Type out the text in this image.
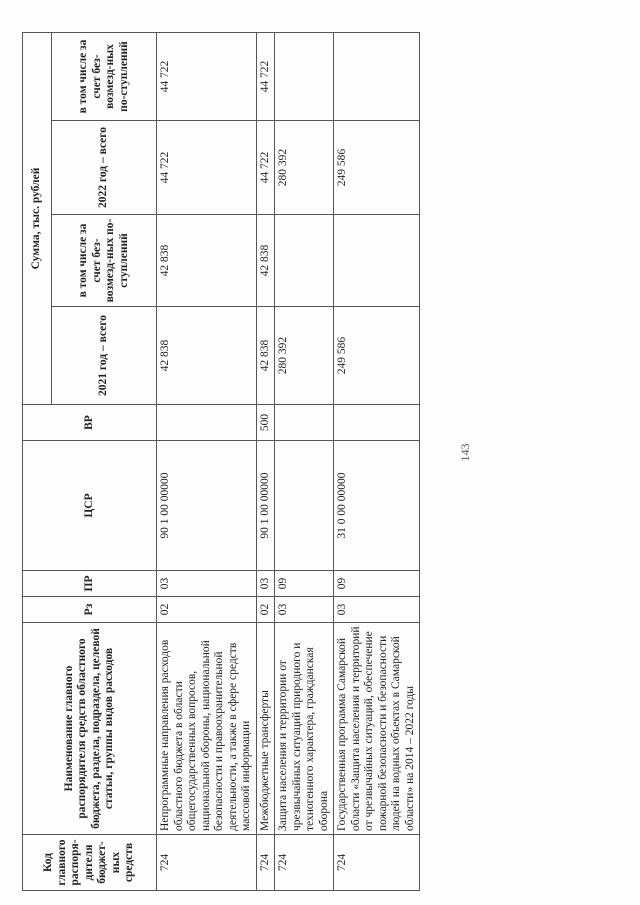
143
Код главного распоря-дителя бюджет-ных средств	Наименование главного распорядителя средств областного бюджета, раздела, подраздела, целевой статьи, группы видов расходов	Рз	ПР	ЦСР	ВР	Сумма, тыс. рублей			
						2021 год – всего	в том числе за счет без-возмезд-ных по-ступлений	2022 год – всего	в том числе за счет без-возмезд-ных по-ступлений
724	Непрограммные направления расходов областного бюджета в области общегосударственных вопросов, национальной обороны, национальной безопасности и правоохранительной деятельности, а также в сфере средств массовой информации	02	03	90 1 00 00000		42 838	42 838	44 722	44 722
724	Межбюджетные трансферты	02	03	90 1 00 00000	500	42 838	42 838	44 722	44 722
724	Защита населения и территории от чрезвычайных ситуаций природного и техногенного характера, гражданская оборона	03	09			280 392		280 392	
724	Государственная программа Самарской области «Защита населения и территорий от чрезвычайных ситуаций, обеспечение пожарной безопасности и безопасности людей на водных объектах в Самарской области» на 2014 – 2022 годы	03	09	31 0 00 00000		249 586		249 586	
